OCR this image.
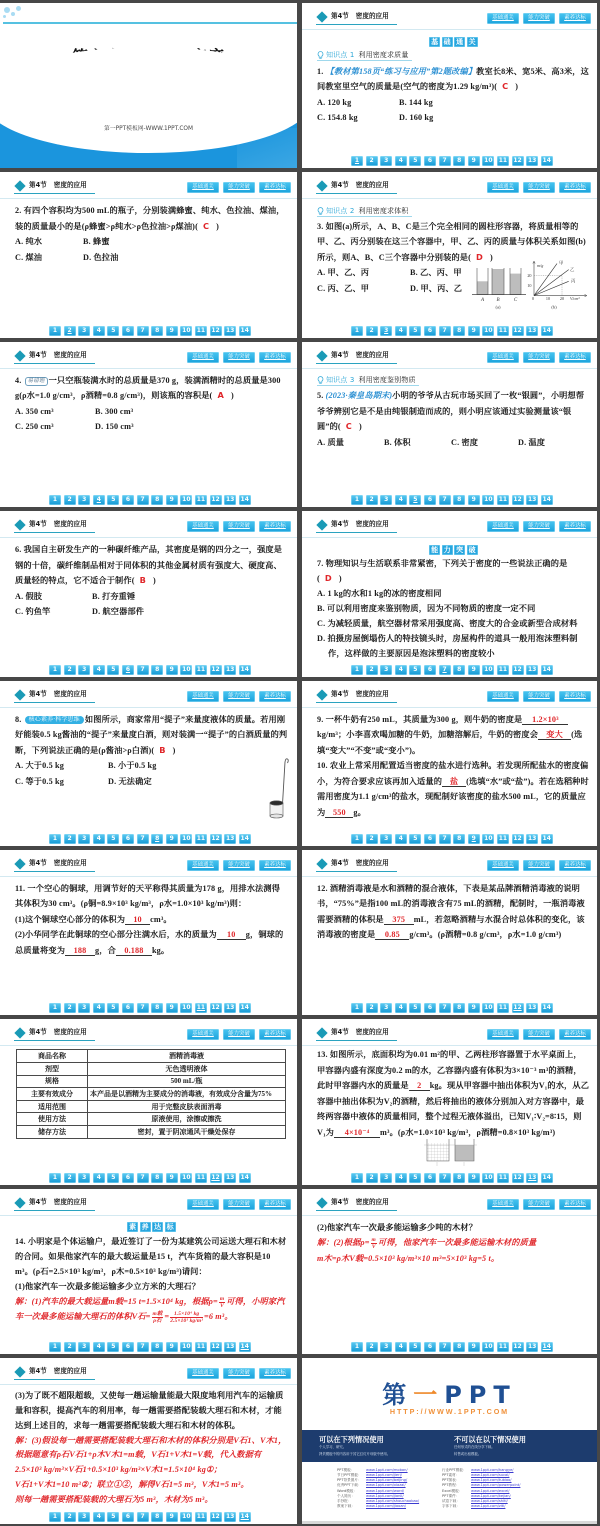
第一PPT模板网-WWW.1PPT.COM
第4节 密度的应用	基础通关	能力突破	素养达标
基 础 通 关
知识点 1 利用密度求质量

1. 【教材第158页“练习与应用”第2题改编】教室长8米、宽5米、高3米，这间教室里空气的质量是(空气的密度为1.29 kg/m³)( C )

A. 120 kg	B. 144 kg
C. 154.8 kg	D. 160 kg
1	2	3	4	5	6	7	8	9	10	11	12	13	14
第4节 密度的应用	基础通关	能力突破	素养达标

2. 有四个容积均为500 mL的瓶子，分别装满蜂蜜、纯水、色拉油、煤油，装的质量最小的是(ρ蜂蜜>ρ纯水>ρ色拉油>ρ煤油)( C )

A. 纯水	B. 蜂蜜
C. 煤油	D. 色拉油
1	2	3	4	5	6	7	8	9	10	11	12	13	14
第4节 密度的应用	基础通关	能力突破	素养达标
知识点 2 利用密度求体积

3. 如图(a)所示，A、B、C是三个完全相同的圆柱形容器，将质量相等的甲、乙、丙分别装在这三个容器中，甲、乙、丙的质量与体积关系如图(b)所示，则A、B、C三个容器中分别装的是( D )

A. 甲、乙、丙	B. 乙、丙、甲
C. 丙、乙、甲	D. 甲、丙、乙
A B	C
(a)
m/g
20
10
0	10 20 V/cm³
甲
乙
丙
(b)
1	2	3	4	5	6	7	8	9	10	11	12	13	14
第4节 密度的应用	基础通关	能力突破	素养达标

4. 易错题 一只空瓶装满水时的总质量是370 g，装满酒精时的总质量是300 g(ρ水=1.0 g/cm³，ρ酒精=0.8 g/cm³)，则该瓶的容积是( A )

A. 350 cm³	B. 300 cm³
C. 250 cm³	D. 150 cm³
1	2	3	4	5	6	7	8	9	10	11	12	13	14
第4节 密度的应用	基础通关	能力突破	素养达标
知识点 3 利用密度鉴别物质

5. (2023·秦皇岛期末)小明的爷爷从古玩市场买回了一枚“银圆”，小明想帮爷爷辨别它是不是由纯银制造而成的，则小明应该通过实验测量该“银圆”的( C )

A. 质量	B. 体积	C. 密度	D. 温度
1	2	3	4	5	6	7	8	9	10	11	12	13	14
第4节 密度的应用	基础通关	能力突破	素养达标

6. 我国自主研发生产的一种碳纤维产品，其密度是钢的四分之一，强度是钢的十倍，碳纤维制品相对于同体积的其他金属材质有强度大、硬度高、质量轻的特点，它不适合于制作( B )

A. 假肢	B. 打夯重锤
C. 钓鱼竿	D. 航空器部件
1	2	3	4	5	6	7	8	9	10	11	12	13	14
第4节 密度的应用	基础通关	能力突破	素养达标
能 力 突 破

7. 物理知识与生活联系非常紧密，下列关于密度的一些说法正确的是( D )

A. 1 kg的水和1 kg的冰的密度相同
B. 可以利用密度来鉴别物质，因为不同物质的密度一定不同
C. 为减轻质量，航空器材常采用强度高、密度大的合金或新型合成材料
D. 拍摄房屋倒塌伤人的特技镜头时，房屋构件的道具一般用泡沫塑料制作，这样做的主要原因是泡沫塑料的密度较小
1	2	3	4	5	6	7	8	9	10	11	12	13	14
第4节 密度的应用	基础通关	能力突破	素养达标

8. 核心素养·科学思维 如图所示，商家常用“提子”来量度液体的质量。若用刚好能装0.5 kg酱油的“提子”来量度白酒，则对装满一“提子”的白酒质量的判断，下列说法正确的是(ρ酱油>ρ白酒)( B )

A. 大于0.5 kg	B. 小于0.5 kg
C. 等于0.5 kg	D. 无法确定
1	2	3	4	5	6	7	8	9	10	11	12	13	14
第4节 密度的应用	基础通关	能力突破	素养达标

9. 一杯牛奶有250 mL，其质量为300 g，则牛奶的密度是 1.2×10³kg/m³；小李喜欢喝加糖的牛奶，加糖溶解后，牛奶的密度会 变大 (选填“变大”“不变”或“变小”)。

10. 农业上常采用配置适当密度的盐水进行选种。若发现所配盐水的密度偏小，为符合要求应该再加入适量的 盐 (选填“水”或“盐”)。若在选稻种时需用密度为1.1 g/cm³的盐水，现配制好该密度的盐水500 mL，它的质量应为 550 g。

1	2	3	4	5	6	7	8	9	10	11	12	13	14
第4节 密度的应用	基础通关	能力突破	素养达标

11. 一个空心的铜球，用调节好的天平称得其质量为178 g，用排水法测得其体积为30 cm³。(ρ铜=8.9×10³ kg/m³，ρ水=1.0×10³ kg/m³)则：

(1)这个铜球空心部分的体积为 10 cm³。

(2)小华同学在此铜球的空心部分注满水后，水的质量为 10 g，铜球的总质量将变为 188 g，合 0.188 kg。

1	2	3	4	5	6	7	8	9	10	11	12	13	14
第4节 密度的应用	基础通关	能力突破	素养达标

12. 酒精消毒液是水和酒精的混合液体，下表是某品牌酒精消毒液的说明书，“75%”是指100 mL的消毒液含有75 mL的酒精，配制时，一瓶消毒液需要酒精的体积是 375 mL，若忽略酒精与水混合时总体积的变化，该消毒液的密度是 0.85 g/cm³。(ρ酒精=0.8 g/cm³，ρ水=1.0 g/cm³)

1	2	3	4	5	6	7	8	9	10	11	12	13	14
第4节 密度的应用	基础通关	能力突破	素养达标
商品名称	酒精消毒液
剂型	无色透明液体
规格	500 mL/瓶
主要有效成分	本产品是以酒精为主要成分的消毒液，有效成分含量为75%
适用范围	用于完整皮肤表面消毒
使用方法	原液使用，涂擦或擦洗
储存方法	密封，置于阴凉通风干燥处保存
1	2	3	4	5	6	7	8	9	10	11	12	13	14
第4节 密度的应用	基础通关	能力突破	素养达标

13. 如图所示，底面积均为0.01 m²的甲、乙两柱形容器置于水平桌面上，甲容器内盛有深度为0.2 m的水，乙容器内盛有体积为3×10⁻³ m³的酒精，此时甲容器内水的质量是 2 kg。现从甲容器中抽出体积为V₁的水，从乙容器中抽出体积为V₂的酒精，然后将抽出的液体分别加入对方容器中，最终两容器中液体的质量相同，整个过程无液体溢出，已知V₁∶V₂=8∶15，则V₁为 4×10⁻⁴ m³。(ρ水=1.0×10³ kg/m³，ρ酒精=0.8×10³ kg/m³)

1	2	3	4	5	6	7	8	9	10	11	12	13	14
第4节 密度的应用	基础通关	能力突破	素养达标
素 养 达 标

14. 小明家是个体运输户，最近签订了一份为某建筑公司运送大理石和木材的合同。如果他家汽车的最大载运量是15 t，汽车货箱的最大容积是10 m³。(ρ石=2.5×10³ kg/m³，ρ木=0.5×10³ kg/m³)请问：

(1)他家汽车一次最多能运输多少立方米的大理石？

解：(1)汽车的最大载运量m载=15 t=1.5×10⁴ kg，根据$\rho= \frac{m}{V}$ 可得，小明家汽车一次最多能运输大理石的体积V石= $\frac{\text{m载}}{\text{ρ石}} = \frac{\text{1.5×10⁴ kg}}{\text{2.5×10³ kg/m³}} =6$ m³。

1	2	3	4	5	6	7	8	9	10	11	12	13	14
第4节 密度的应用	基础通关	能力突破	素养达标

(2)他家汽车一次最多能运输多少吨的木材？

解：(2)根据$\rho= \frac{m}{V}$ 可得，他家汽车一次最多能运输木材的质量

m木=ρ木V载=0.5×10³ kg/m³×10 m³=5×10³ kg=5 t。

1	2	3	4	5	6	7	8	9	10	11	12	13	14
第4节 密度的应用	基础通关	能力突破	素养达标

(3)为了既不超限超载，又使每一趟运输量能最大限度地利用汽车的运输质量和容积，提高汽车的利用率，每一趟需要搭配装载大理石和木材，才能达到上述目的，求每一趟需要搭配装载大理石和木材的体积。

解：(3)假设每一趟需要搭配装载大理石和木材的体积分别是V石1、V木1，
根据题意有ρ石V石1+ρ木V木1=m载，V石1+V木1=V载，代入数据有
2.5×10³ kg/m³×V石1+0.5×10³ kg/m³×V木1=1.5×10⁴ kg①；
V石1+V木1=10 m³②；联立①②，解得V石1=5 m³，V木1=5 m³。
则每一趟需要搭配装载的大理石为5 m³，木材为5 m³。
1	2	3	4	5	6	7	8	9	10	11	12	13	14
第一PPT
HTTP://WWW.1PPT.COM
可以在下列情况使用
个人学习、研究。
拷贝模板中的内容用于其它幻灯片母版中使用。
不可以在以下情况使用
任何形式的在线分享下载。
转售或出租模板。
PPT模板：	www.1ppt.com/moban/
节日PPT模板：	www.1ppt.com/jieri/
PPT背景图片：	www.1ppt.com/beijing/
优秀PPT下载：	www.1ppt.com/xiazai/
Word模板：	www.1ppt.com/word/
个人简历：	www.1ppt.com/jianli/
手抄报：	www.1ppt.com/shouchaobao/
教案下载：	www.1ppt.com/jiaoan/
行业PPT模板：	www.1ppt.com/hangye/
PPT素材：	www.1ppt.com/sucai/
PPT图表：	www.1ppt.com/tubiao/
PPT教程：	www.1ppt.com/powerpoint/
Excel模板：	www.1ppt.com/excel/
PPT课件：	www.1ppt.com/kejian/
试卷下载：	www.1ppt.com/shiti/
字体下载：	www.1ppt.com/ziti/
